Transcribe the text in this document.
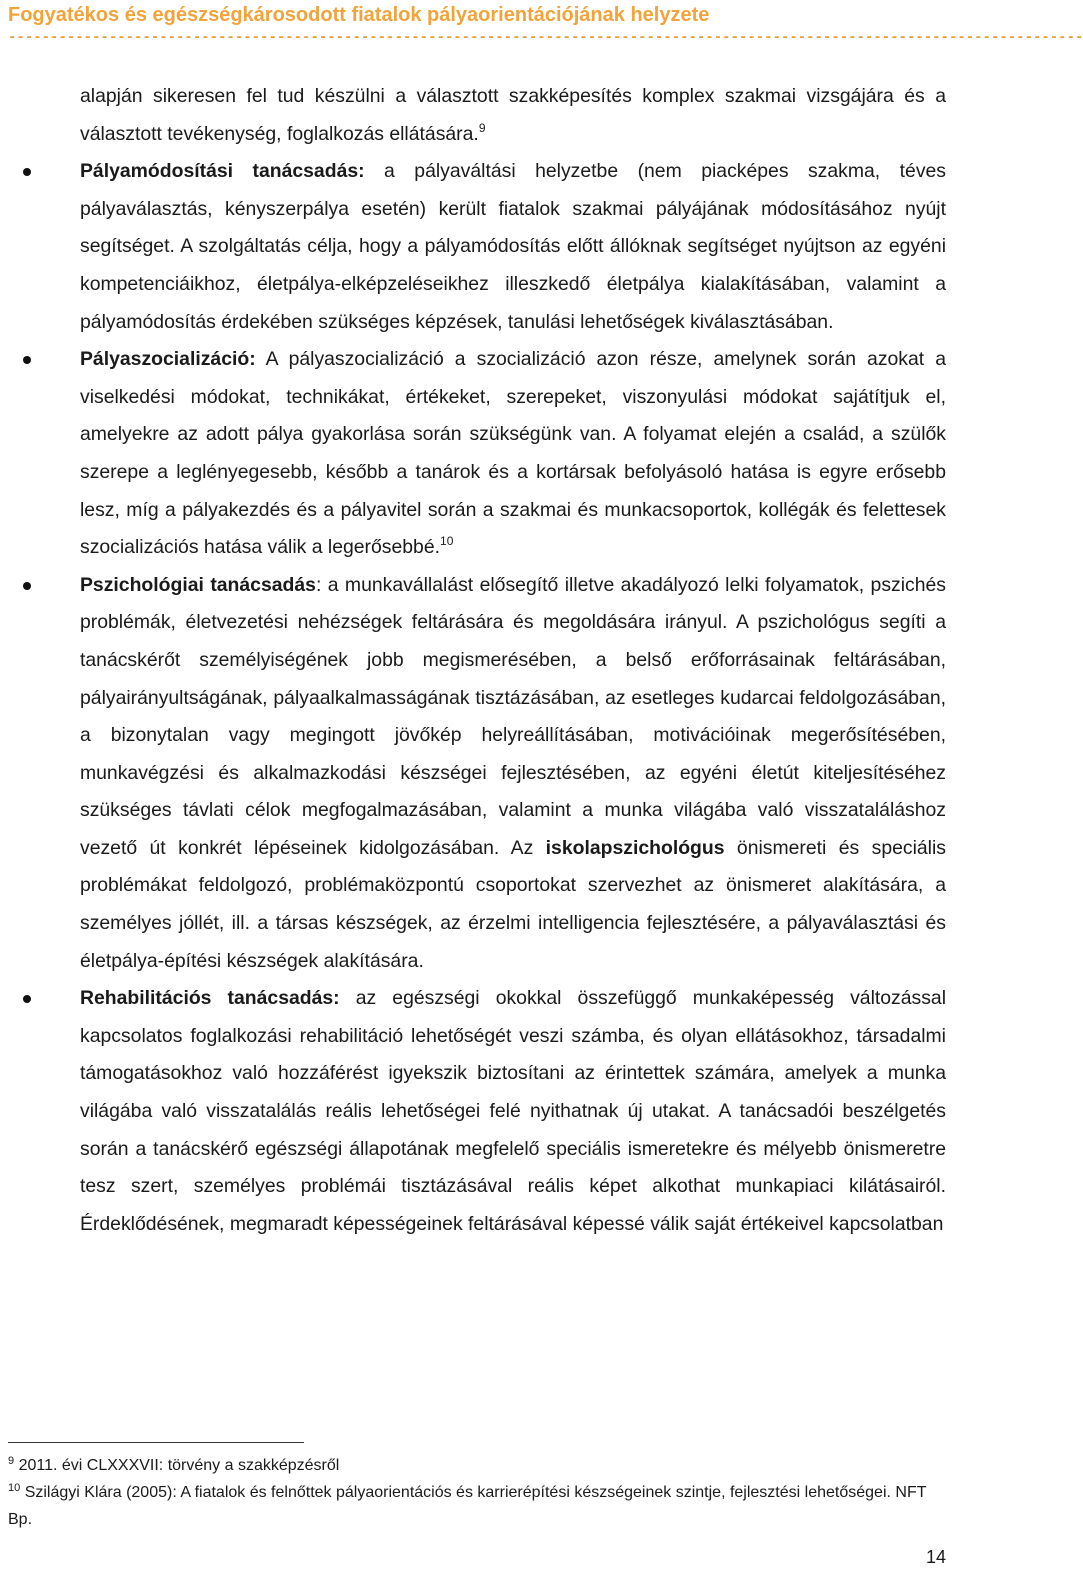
Fogyatékos és egészségkárosodott fiatalok pályaorientációjának helyzete
--------------------------------------------------------------------------------------------------------------------------------

alapján sikeresen fel tud készülni a választott szakképesítés komplex szakmai vizsgájára és a választott tevékenység, foglalkozás ellátására.$^9$

Pályamódosítási tanácsadás: a pályaváltási helyzetbe (nem piacképes szakma, téves pályaválasztás, kényszerpálya esetén) került fiatalok szakmai pályájának módosításához nyújt segítséget. A szolgáltatás célja, hogy a pályamódosítás előtt állóknak segítséget nyújtson az egyéni kompetenciáikhoz, életpálya-elképzeléseikhez illeszkedő életpálya kialakításában, valamint a pályamódosítás érdekében szükséges képzések, tanulási lehetőségek kiválasztásában.

Pályaszocializáció: A pályaszocializáció a szocializáció azon része, amelynek során azokat a viselkedési módokat, technikákat, értékeket, szerepeket, viszonyulási módokat sajátítjuk el, amelyekre az adott pálya gyakorlása során szükségünk van. A folyamat elején a család, a szülők szerepe a leglényegesebb, később a tanárok és a kortársak befolyásoló hatása is egyre erősebb lesz, míg a pályakezdés és a pályavitel során a szakmai és munkacsoportok, kollégák és felettesek szocializációs hatása válik a legerősebbé.$^{10}$

Pszichológiai tanácsadás: a munkavállalást elősegítő illetve akadályozó lelki folyamatok, pszichés problémák, életvezetési nehézségek feltárására és megoldására irányul. A pszichológus segíti a tanácskérőt személyiségének jobb megismerésében, a belső erőforrásainak feltárásában, pályairányultságának, pályaalkalmasságának tisztázásában, az esetleges kudarcai feldolgozásában, a bizonytalan vagy megingott jövőkép helyreállításában, motivációinak megerősítésében, munkavégzési és alkalmazkodási készségei fejlesztésében, az egyéni életút kiteljesítéséhez szükséges távlati célok megfogalmazásában, valamint a munka világába való visszataláláshoz vezető út konkrét lépéseinek kidolgozásában. Az iskolapszichológus önismereti és speciális problémákat feldolgozó, problémaközpontú csoportokat szervezhet az önismeret alakítására, a személyes jóllét, ill. a társas készségek, az érzelmi intelligencia fejlesztésére, a pályaválasztási és életpálya-építési készségek alakítására.

Rehabilitációs tanácsadás: az egészségi okokkal összefüggő munkaképesség változással kapcsolatos foglalkozási rehabilitáció lehetőségét veszi számba, és olyan ellátásokhoz, társadalmi támogatásokhoz való hozzáférést igyekszik biztosítani az érintettek számára, amelyek a munka világába való visszatalálás reális lehetőségei felé nyithatnak új utakat. A tanácsadói beszélgetés során a tanácskérő egészségi állapotának megfelelő speciális ismeretekre és mélyebb önismeretre tesz szert, személyes problémái tisztázásával reális képet alkothat munkapiaci kilátásairól. Érdeklődésének, megmaradt képességeinek feltárásával képessé válik saját értékeivel kapcsolatban

$^9$ 2011. évi CLXXXVII: törvény a szakképzésről

$^{10}$ Szilágyi Klára (2005): A fiatalok és felnőttek pályaorientációs és karrierépítési készségeinek szintje, fejlesztési lehetőségei. NFT Bp.

14
